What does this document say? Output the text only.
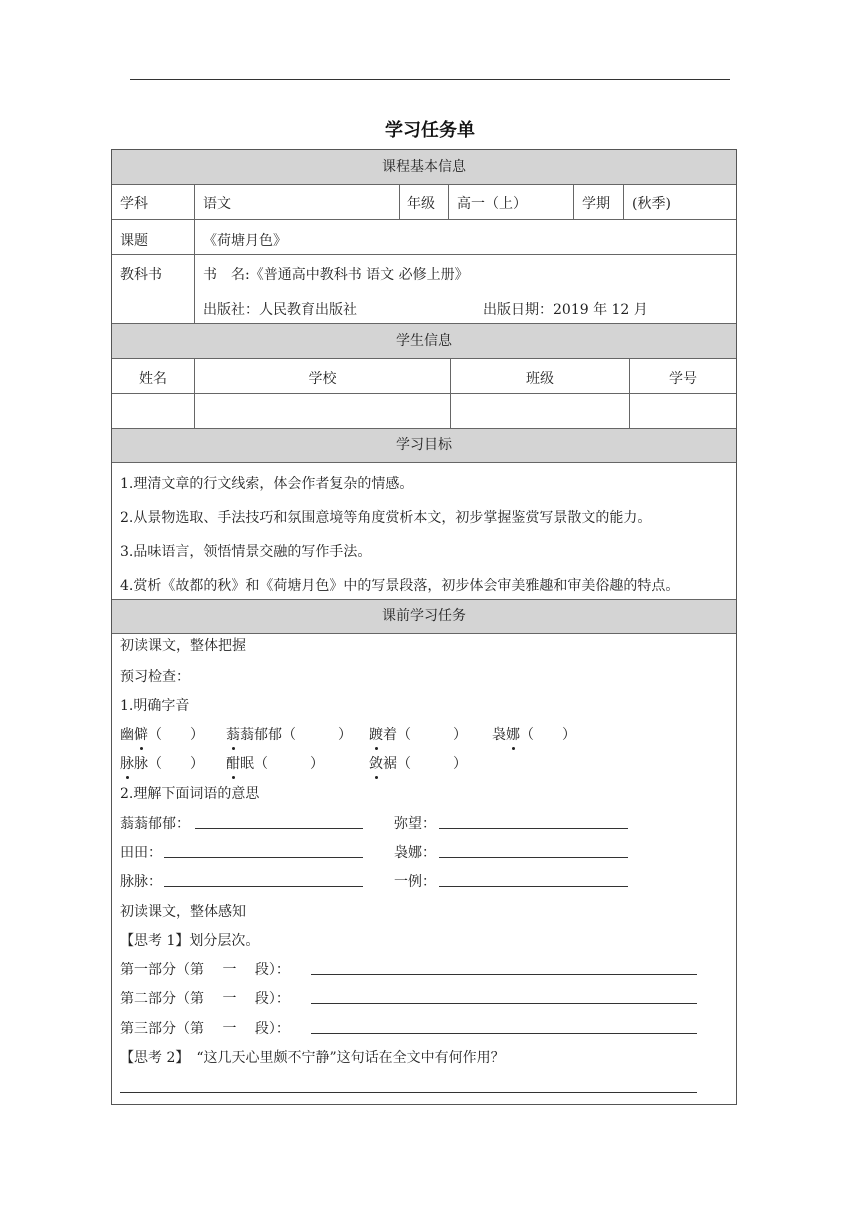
学习任务单
课程基本信息
学科	语文	年级 高一（上）	学期 (秋季)
课题	《荷塘月色》
教科书	书　名:《普通高中教科书 语文 必修上册》
出版社：人民教育出版社	出版日期：2019 年 12 月
学生信息
姓名	学校	班级	学号
学习目标
1.理清文章的行文线索，体会作者复杂的情感。
2.从景物选取、手法技巧和氛围意境等角度赏析本文，初步掌握鉴赏写景散文的能力。
3.品味语言，领悟情景交融的写作手法。
4.赏析《故都的秋》和《荷塘月色》中的写景段落，初步体会审美雅趣和审美俗趣的特点。
课前学习任务
初读课文，整体把握
预习检查：
1.明确字音
幽僻（　　） 蓊蓊郁郁（　　　） 踱着（　　　） 袅娜（　　）
脉脉（　　） 酣眠（　　　）	敛裾（　　　）
2.理解下面词语的意思
蓊蓊郁郁：	弥望：
田田：	袅娜：
脉脉：	一例：
初读课文，整体感知
【思考 1】划分层次。
第一部分（第　 一　 段）：
第二部分（第　 一　 段）：
第三部分（第　 一　 段）：
【思考 2】　“这几天心里颇不宁静”这句话在全文中有何作用？
